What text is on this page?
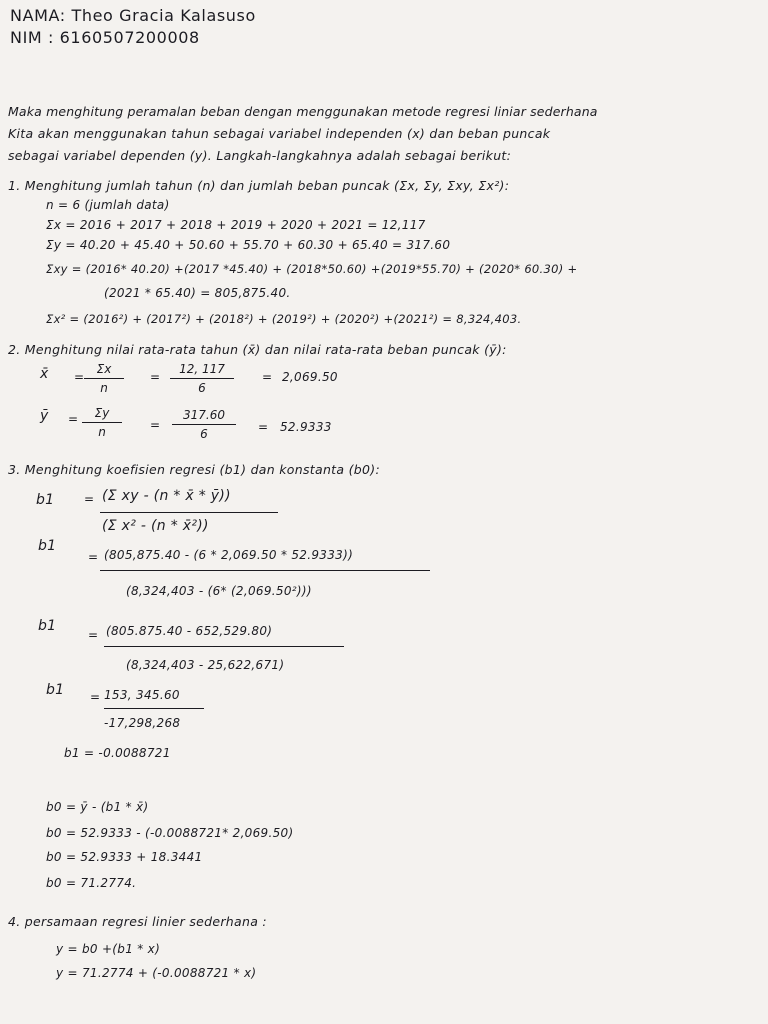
NAMA: Theo Gracia Kalasuso
NIM : 6160507200008
Maka menghitung peramalan beban dengan menggunakan metode regresi liniar sederhana
Kita akan menggunakan tahun sebagai variabel independen (x) dan beban puncak
sebagai variabel dependen (y). Langkah-langkahnya adalah sebagai berikut:
1. Menghitung jumlah tahun (n) dan jumlah beban puncak (Σx, Σy, Σxy, Σx²):
n = 6 (jumlah data)
Σx = 2016 + 2017 + 2018 + 2019 + 2020 + 2021 = 12,117
Σy = 40.20 + 45.40 + 50.60 + 55.70 + 60.30 + 65.40 = 317.60
Σxy = (2016* 40.20) +(2017 *45.40) + (2018*50.60) +(2019*55.70) + (2020* 60.30) +
(2021 * 65.40) = 805,875.40.
Σx² = (2016²) + (2017²) + (2018²) + (2019²) + (2020²) +(2021²) = 8,324,403.
2. Menghitung nilai rata-rata tahun (x̄) dan nilai rata-rata beban puncak (ȳ):
x̄ = $\frac{\Sigma x}{n} = \frac{12, 117}{6} = 2,069.50$
ȳ = $\frac{\Sigma y}{n} = \frac{317.60}{6} = 52.9333$
3. Menghitung koefisien regresi (b1) dan konstanta (b0):
b1 = (Σ xy - (n * x̄ * ȳ))
(Σ x² - (n * x̄²))
b1
= (805,875.40 - (6 * 2,069.50 * 52.9333))
(8,324,403 - (6* (2,069.50²)))
b1
= (805.875.40 - 652,529.80)
(8,324,403 - 25,622,671)
b1 = 153, 345.60
-17,298,268
b1 = -0.0088721
b0 = ȳ - (b1 * x̄)
b0 = 52.9333 - (-0.0088721* 2,069.50)
b0 = 52.9333 + 18.3441
b0 = 71.2774.
4. persamaan regresi linier sederhana :
y = b0 +(b1 * x)
y = 71.2774 + (-0.0088721 * x)
